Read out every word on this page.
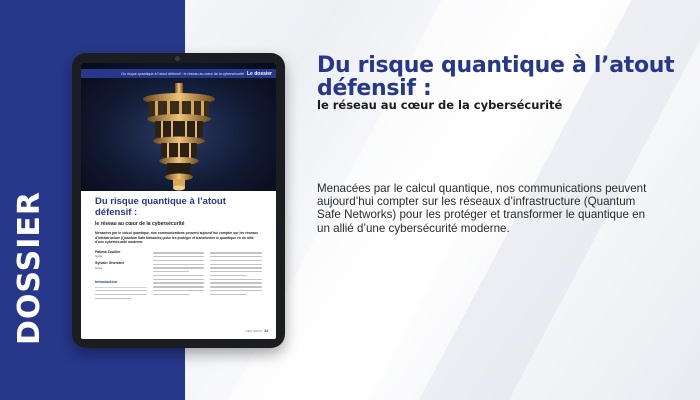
DOSSIER
Du risque quantique à l’atout défensif : le réseau au cœur de la cybersécurité Le dossier
Du risque quantique à l’atout défensif :
le réseau au cœur de la cybersécurité
Menacées par le calcul quantique, nos communications peuvent aujourd’hui compter sur les réseaux d’infrastructure (Quantum Safe Networks) pour les protéger et transformer le quantique en un allié d’une cybersécurité moderne.
Fatima Zouiller
Nokia
Sylvain Gherrant
Nokia
Introduction
NEO NOKIA 24
Du risque quantique à l’atout défensif :
le réseau au cœur de la cybersécurité
Menacées par le calcul quantique, nos communications peuvent aujourd’hui compter sur les réseaux d’infrastructure (Quantum Safe Networks) pour les protéger et transformer le quantique en un allié d’une cybersécurité moderne.
